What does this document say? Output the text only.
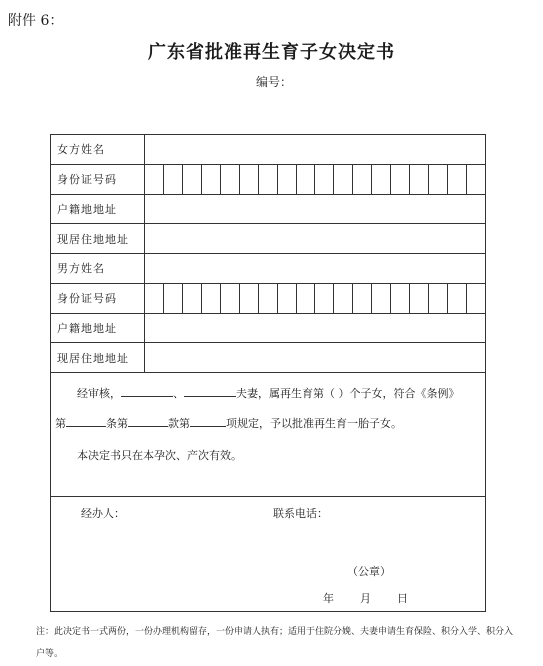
附件 6：
广东省批准再生育子女决定书
编号：
女方姓名
身份证号码
户籍地地址
现居住地地址
男方姓名
身份证号码
户籍地地址
现居住地地址

经审核，	、	夫妻，属再生育第（ ）个子女，符合《条例》

第	条第	款第	项规定，予以批准再生育一胎子女。

本决定书只在本孕次、产次有效。

经办人：	联系电话：
（公章）
年 月 日
注：此决定书一式两份，一份办理机构留存，一份申请人执有；适用于住院分娩、夫妻申请生育保险、积分入学、积分入户等。
